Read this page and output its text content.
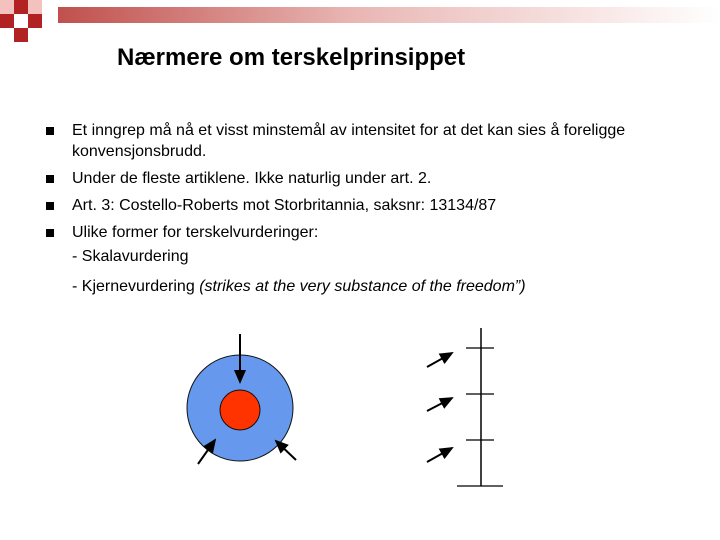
Nærmere om terskelprinsippet
Et inngrep må nå et visst minstemål av intensitet for at det kan sies å foreligge konvensjonsbrudd.
Under de fleste artiklene. Ikke naturlig under art. 2.
Art. 3: Costello-Roberts mot Storbritannia, saksnr: 13134/87
Ulike former for terskelvurderinger:
- Skalavurdering
- Kjernevurdering (strikes at the very substance of the freedom”)
